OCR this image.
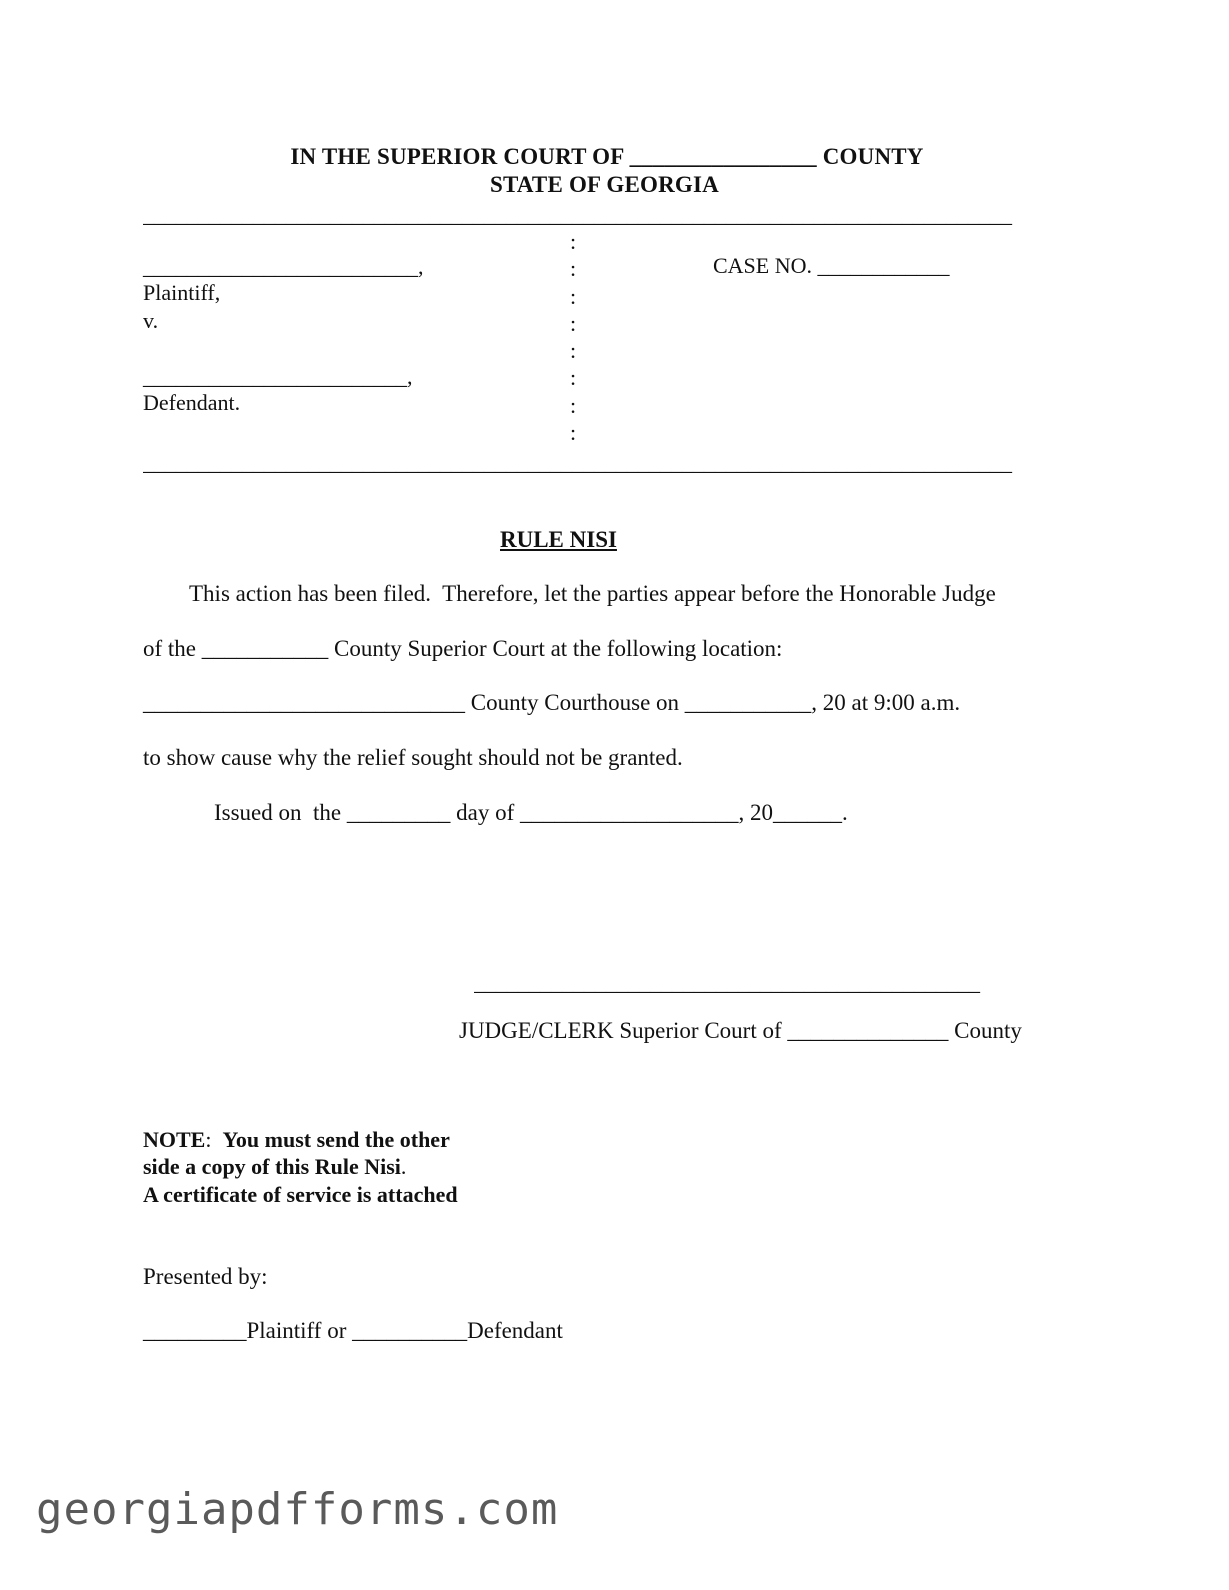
IN THE SUPERIOR COURT OF ________________ COUNTY
STATE OF GEORGIA
_______________________________________________________________________________
:
:
:
:
:
:
:
:
_________________________,
Plaintiff,
v.
________________________,
Defendant.
CASE NO. ____________
_______________________________________________________________________________
RULE NISI
This action has been filed.  Therefore, let the parties appear before the Honorable Judge
of the ___________ County Superior Court at the following location:
____________________________ County Courthouse on ___________, 20 at 9:00 a.m.
to show cause why the relief sought should not be granted.
Issued on  the _________ day of ___________________, 20______.
______________________________________________
JUDGE/CLERK Superior Court of ______________ County
NOTE:  You must send the other
side a copy of this Rule Nisi.
A certificate of service is attached
Presented by:
_________Plaintiff or __________Defendant
georgiapdfforms.com
